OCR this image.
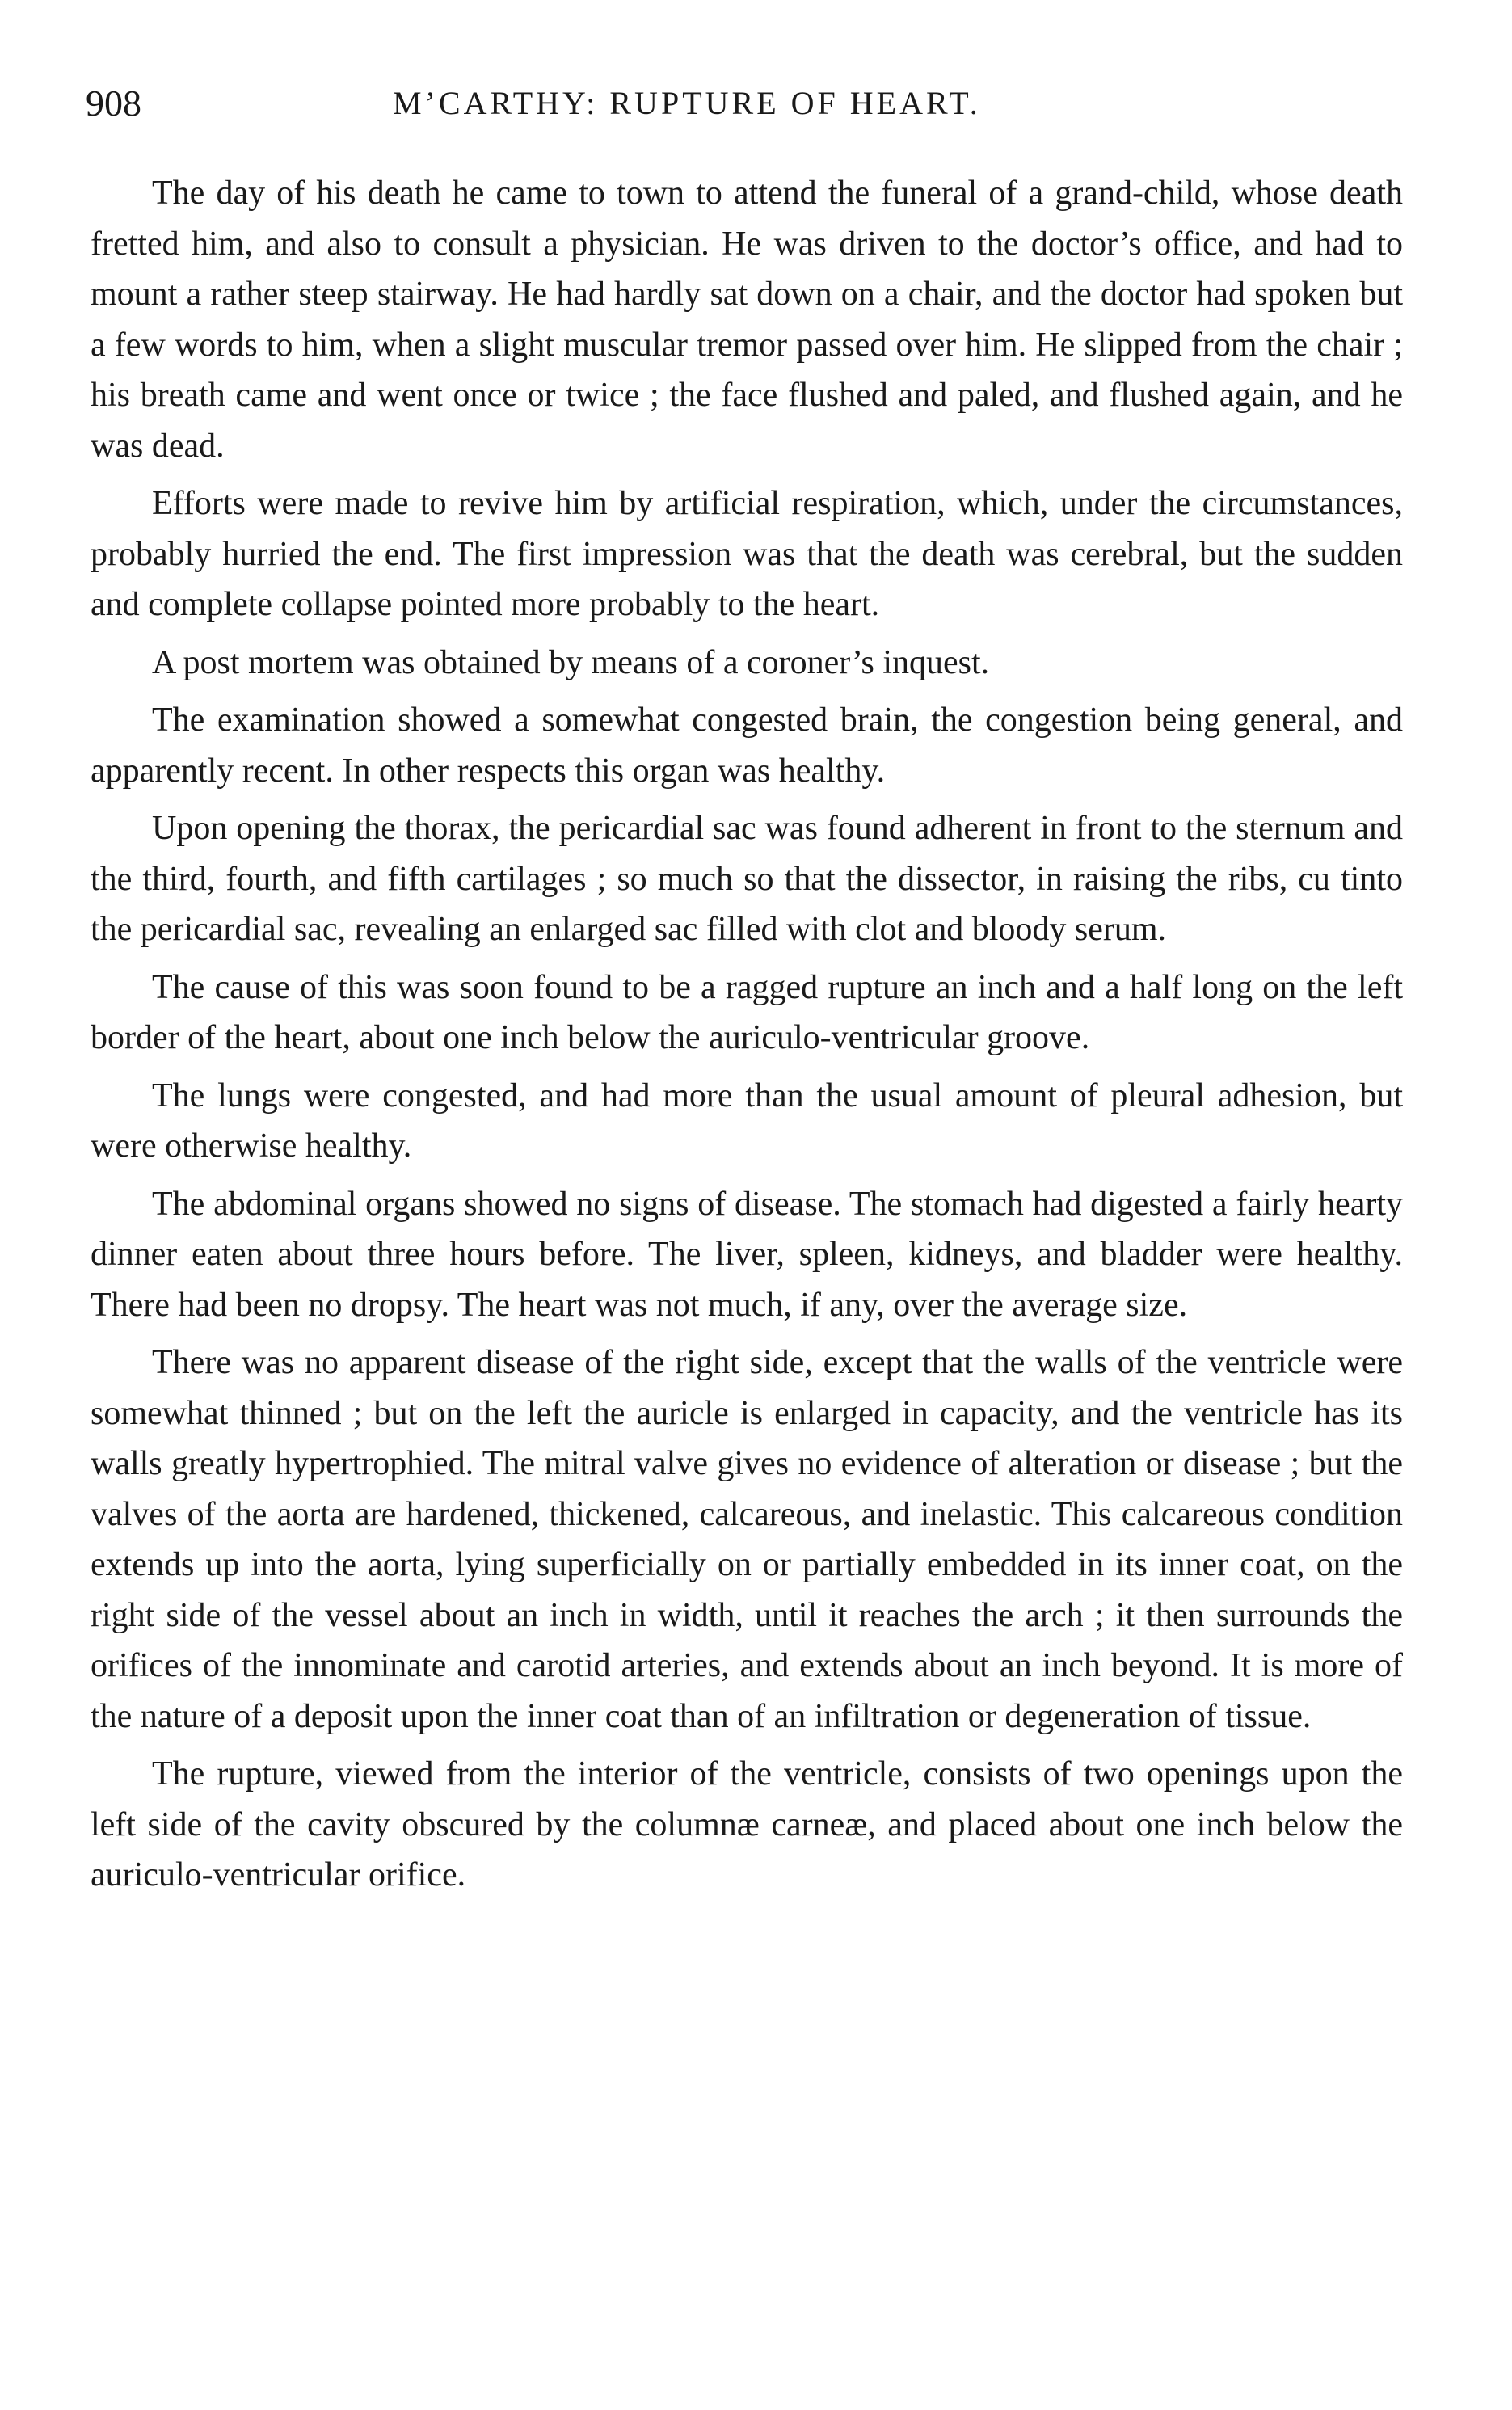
908	M’CARTHY: RUPTURE OF HEART.

The day of his death he came to town to attend the funeral of a grand-child, whose death fretted him, and also to consult a physician. He was driven to the doctor’s office, and had to mount a rather steep stairway. He had hardly sat down on a chair, and the doctor had spoken but a few words to him, when a slight muscular tremor passed over him. He slipped from the chair ; his breath came and went once or twice ; the face flushed and paled, and flushed again, and he was dead.

Efforts were made to revive him by artificial respiration, which, under the circumstances, probably hurried the end. The first impression was that the death was cerebral, but the sudden and complete collapse pointed more probably to the heart.

A post mortem was obtained by means of a coroner’s inquest.

The examination showed a somewhat congested brain, the congestion being general, and apparently recent. In other respects this organ was healthy.

Upon opening the thorax, the pericardial sac was found adherent in front to the sternum and the third, fourth, and fifth cartilages ; so much so that the dissector, in raising the ribs, cu tinto the pericardial sac, revealing an enlarged sac filled with clot and bloody serum.

The cause of this was soon found to be a ragged rupture an inch and a half long on the left border of the heart, about one inch below the auriculo-ventricular groove.

The lungs were congested, and had more than the usual amount of pleural adhesion, but were otherwise healthy.

The abdominal organs showed no signs of disease. The stomach had digested a fairly hearty dinner eaten about three hours before. The liver, spleen, kidneys, and bladder were healthy. There had been no dropsy. The heart was not much, if any, over the average size.

There was no apparent disease of the right side, except that the walls of the ventricle were somewhat thinned ; but on the left the auricle is enlarged in capacity, and the ventricle has its walls greatly hypertrophied. The mitral valve gives no evidence of alteration or disease ; but the valves of the aorta are hardened, thickened, calcareous, and inelastic. This calcareous condition extends up into the aorta, lying superficially on or partially embedded in its inner coat, on the right side of the vessel about an inch in width, until it reaches the arch ; it then surrounds the orifices of the innominate and carotid arteries, and extends about an inch beyond. It is more of the nature of a deposit upon the inner coat than of an infiltration or degeneration of tissue.

The rupture, viewed from the interior of the ventricle, consists of two openings upon the left side of the cavity obscured by the columnæ carneæ, and placed about one inch below the auriculo-ventricular orifice.
